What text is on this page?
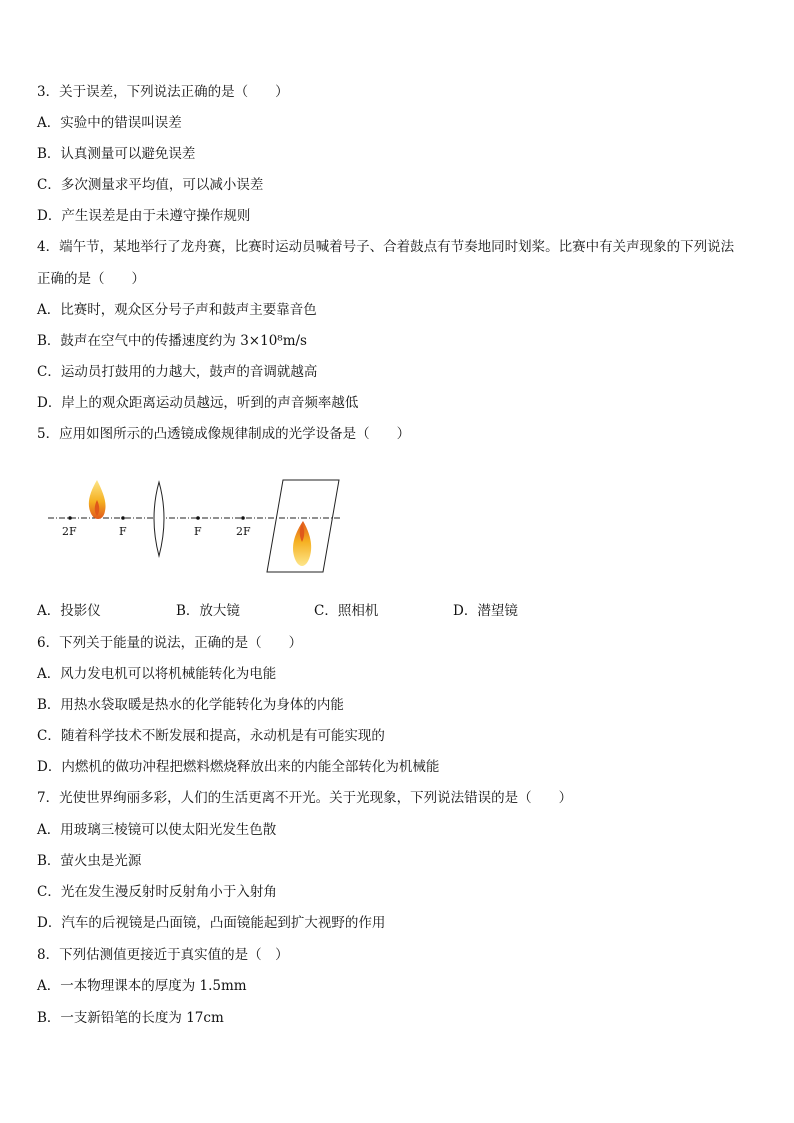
3．关于误差，下列说法正确的是（　　）
A．实验中的错误叫误差
B．认真测量可以避免误差
C．多次测量求平均值，可以减小误差
D．产生误差是由于未遵守操作规则
4．端午节，某地举行了龙舟赛，比赛时运动员喊着号子、合着鼓点有节奏地同时划桨。比赛中有关声现象的下列说法
正确的是（　　）
A．比赛时，观众区分号子声和鼓声主要靠音色
B．鼓声在空气中的传播速度约为 3×10⁸m/s
C．运动员打鼓用的力越大，鼓声的音调就越高
D．岸上的观众距离运动员越远，听到的声音频率越低
5．应用如图所示的凸透镜成像规律制成的光学设备是（　　）
2F	F	F	2F
A．投影仪	B．放大镜	C．照相机	D．潜望镜
6．下列关于能量的说法，正确的是（　　）
A．风力发电机可以将机械能转化为电能
B．用热水袋取暖是热水的化学能转化为身体的内能
C．随着科学技术不断发展和提高，永动机是有可能实现的
D．内燃机的做功冲程把燃料燃烧释放出来的内能全部转化为机械能
7．光使世界绚丽多彩，人们的生活更离不开光。关于光现象，下列说法错误的是（　　）
A．用玻璃三棱镜可以使太阳光发生色散
B．萤火虫是光源
C．光在发生漫反射时反射角小于入射角
D．汽车的后视镜是凸面镜，凸面镜能起到扩大视野的作用
8．下列估测值更接近于真实值的是（　）
A．一本物理课本的厚度为 1.5mm
B．一支新铅笔的长度为 17cm
